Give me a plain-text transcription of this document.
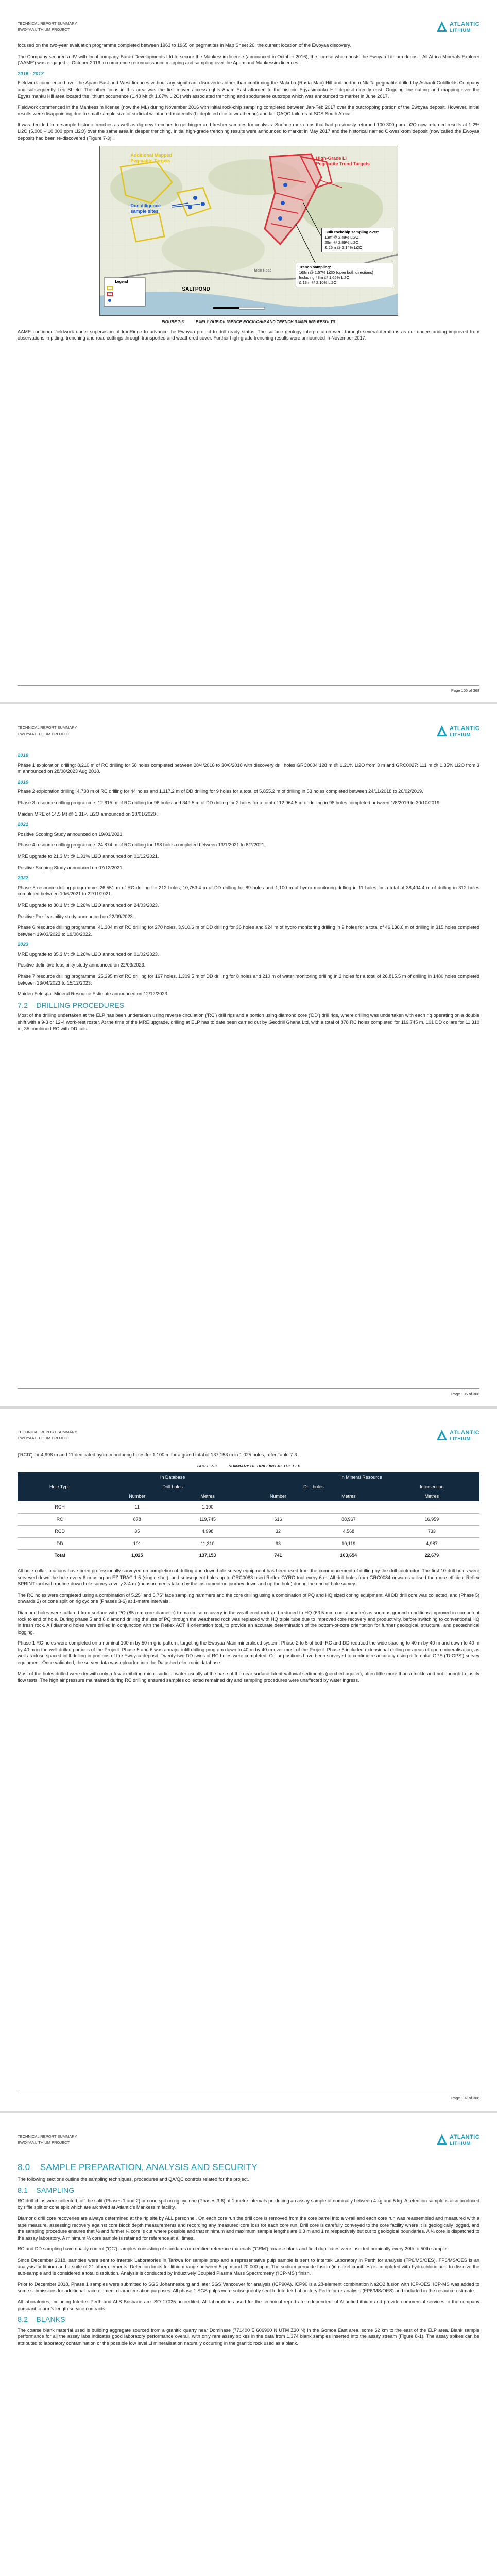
TECHNICAL REPORT SUMMARY
EWOYAA LITHIUM PROJECT
ATLANTIC
LITHIUM

focused on the two-year evaluation programme completed between 1963 to 1965 on pegmatites in Map Sheet 26; the current location of the Ewoyaa discovery.

The Company secured a JV with local company Barari Developments Ltd to secure the Mankessim license (announced in October 2016); the license which hosts the Ewoyaa Lithium deposit. All Africa Minerals Explorer ('AAME') was engaged in October 2016 to commence reconnaissance mapping and sampling over the Apam and Mankessim licences.

2016 - 2017

Fieldwork commenced over the Apam East and West licences without any significant discoveries other than confirming the Makuba (Rasta Man) Hill and northern Nk-Ta pegmatite drilled by Ashanti Goldfields Company and subsequently Leo Shield. The other focus in this area was the first mover access rights Apam East afforded to the historic Egyasimanku Hill deposit directly east. Ongoing line cutting and mapping over the Egyasimanku Hill area located the lithium occurrence (1.48 Mt @ 1.67% Li2O) with associated trenching and spodumene outcrops which was announced to market in June 2017.

Fieldwork commenced in the Mankessim license (now the ML) during November 2016 with initial rock-chip sampling completed between Jan-Feb 2017 over the outcropping portion of the Ewoyaa deposit. However, initial results were disappointing due to small sample size of surficial weathered materials (Li depleted due to weathering) and lab QAQC failures at SGS South Africa.

It was decided to re-sample historic trenches as well as dig new trenches to get bigger and fresher samples for analysis. Surface rock chips that had previously returned 100-300 ppm Li2O now returned results at 1-2% Li2O (5,000 – 10,000 ppm Li2O) over the same area in deeper trenching. Initial high-grade trenching results were announced to market in May 2017 and the historical named Okwesikrom deposit (now called the Ewoyaa deposit) had been re-discovered (Figure 7-3).

Additional Mapped
Pegmatite Targets	High-Grade Li
Pegmatite Trend Targets
Due diligence
sample sites
SALTPOND
Main Road
Legend
Bulk rockchip sampling over:
13m @ 2.49% Li2O,
25m @ 2.89% Li2O,
& 25m @ 2.14% Li2O
Trench sampling:
168m @ 1.57% Li2O (open both directions)
Including 48m @ 1.65% Li2O
& 13m @ 2.10% Li2O
FIGURE 7-3          EARLY DUE-DILIGENCE ROCK-CHIP AND TRENCH SAMPLING RESULTS

AAME continued fieldwork under supervision of IronRidge to advance the Ewoyaa project to drill ready status. The surface geology interpretation went through several iterations as our understanding improved from observations in pitting, trenching and road cuttings through transported and weathered cover. Further high-grade trenching results were announced in November 2017.

Page 105 of 368
TECHNICAL REPORT SUMMARY
EWOYAA LITHIUM PROJECT
ATLANTIC
LITHIUM
2018

Phase 1 exploration drilling: 8,210 m of RC drilling for 58 holes completed between 28/4/2018 to 30/6/2018 with discovery drill holes GRC0004 128 m @ 1.21% Li2O from 3 m and GRC0027: 111 m @ 1.35% Li2O from 3 m announced on 28/08/2023 Aug 2018.

2019

Phase 2 exploration drilling: 4,738 m of RC drilling for 44 holes and 1,117.2 m of DD drilling for 9 holes for a total of 5,855.2 m of drilling in 53 holes completed between 24/11/2018 to 26/02/2019.

Phase 3 resource drilling programme: 12,615 m of RC drilling for 96 holes and 349.5 m of DD drilling for 2 holes for a total of 12,964.5 m of drilling in 98 holes completed between 1/8/2019 to 30/10/2019.

Maiden MRE of 14.5 Mt @ 1.31% Li2O announced on 28/01/2020 .

2021

Positive Scoping Study announced on 19/01/2021.

Phase 4 resource drilling programme: 24,874 m of RC drilling for 198 holes completed between 13/1/2021 to 8/7/2021.

MRE upgrade to 21.3 Mt @ 1.31% Li2O announced on 01/12/2021.

Positive Scoping Study announced on 07/12/2021.

2022

Phase 5 resource drilling programme: 26,551 m of RC drilling for 212 holes, 10,753.4 m of DD drilling for 89 holes and 1,100 m of hydro monitoring drilling in 11 holes for a total of 38,404.4 m of drilling in 312 holes completed between 10/6/2021 to 22/11/2021.

MRE upgrade to 30.1 Mt @ 1.26% Li2O announced on 24/03/2023.

Positive Pre-feasibility study announced on 22/09/2023.

Phase 6 resource drilling programme: 41,304 m of RC drilling for 270 holes, 3,910.6 m of DD drilling for 36 holes and 924 m of hydro monitoring drilling in 9 holes for a total of 46,138.6 m of drilling in 315 holes completed between 19/03/2022 to 19/08/2022.

2023

MRE upgrade to 35.3 Mt @ 1.26% Li2O announced on 01/02/2023.

Positive definitive-feasibility study announced on 22/03/2023.

Phase 7 resource drilling programme: 25,295 m of RC drilling for 167 holes, 1,309.5 m of DD drilling for 8 holes and 210 m of water monitoring drilling in 2 holes for a total of 26,815.5 m of drilling in 1480 holes completed between 13/04/2023 to 15/12/2023.

Maiden Feldspar Mineral Resource Estimate announced on 12/12/2023.

7.2    DRILLING PROCEDURES

Most of the drilling undertaken at the ELP has been undertaken using reverse circulation ('RC') drill rigs and a portion using diamond core ('DD') drill rigs, where drilling was undertaken with each rig operating on a double shift with a 9-3 or 12-4 work-rest roster. At the time of the MRE upgrade, drilling at ELP has to date been carried out by Geodrill Ghana Ltd, with a total of 878 RC holes completed for 119,745 m, 101 DD collars for 11,310 m, 35 combined RC with DD tails

Page 106 of 368
TECHNICAL REPORT SUMMARY
EWOYAA LITHIUM PROJECT
ATLANTIC
LITHIUM

('RCD') for 4,998 m and 11 dedicated hydro monitoring holes for 1,100 m for a grand total of 137,153 m in 1,025 holes, refer Table 7-3.

TABLE 7-3          SUMMARY OF DRILLING AT THE ELP
Hole Type	In Database		In Mineral Resource		
	Drill holes		Drill holes		Intersection
	Number	Metres	Number	Metres	Metres
RCH	11	1,100			
RC	878	119,745	616	88,967	16,959
RCD	35	4,998	32	4,568	733
DD	101	11,310	93	10,119	4,987
Total	1,025	137,153	741	103,654	22,679

All hole collar locations have been professionally surveyed on completion of drilling and down-hole survey equipment has been used from the commencement of drilling by the drill contractor. The first 10 drill holes were surveyed down the hole every 6 m using an EZ TRAC 1.5 (single shot), and subsequent holes up to GRC0083 used Reflex GYRO tool every 6 m. All drill holes from GRC0084 onwards utilised the more efficient Reflex SPRINT tool with routine down hole surveys every 3-4 m (measurements taken by the instrument on journey down and up the hole) during the end-of-hole survey.

The RC holes were completed using a combination of 5.25" and 5.75" face sampling hammers and the core drilling using a combination of PQ and HQ sized coring equipment. All DD drill core was collected, and (Phase 5) onwards 2) or cone split on rig cyclone (Phases 3-6) at 1-metre intervals.

Diamond holes were collared from surface with PQ (85 mm core diameter) to maximise recovery in the weathered rock and reduced to HQ (63.5 mm core diameter) as soon as ground conditions improved in competent rock to end of hole. During phase 5 and 6 diamond drilling the use of PQ through the weathered rock was replaced with HQ triple tube due to improved core recovery and productivity, before switching to conventional HQ in fresh rock. All diamond holes were drilled in conjunction with the Reflex ACT II orientation tool, to provide an accurate determination of the bottom-of-core orientation for further geological, structural, and geotechnical logging.

Phase 1 RC holes were completed on a nominal 100 m by 50 m grid pattern, targeting the Ewoyaa Main mineralised system. Phase 2 to 5 of both RC and DD reduced the wide spacing to 40 m by 40 m and down to 40 m by 40 m in the well drilled portions of the Project. Phase 5 and 6 was a major infill drilling program down to 40 m by 40 m over most of the Project. Phase 6 included extensional drilling on areas of open mineralisation, as well as close spaced infill drilling in portions of the Ewoyaa deposit. Twenty-two DD twins of RC holes were completed. Collar positions have been surveyed to centimetre accuracy using differential GPS ('D-GPS') survey equipment. Once validated, the survey data was uploaded into the Datashed electronic database.

Most of the holes drilled were dry with only a few exhibiting minor surficial water usually at the base of the near surface laterite/alluvial sediments (perched aquifer), often little more than a trickle and not enough to justify flow tests. The high air pressure maintained during RC drilling ensured samples collected remained dry and sampling procedures were unaffected by water ingress.

Page 107 of 368
TECHNICAL REPORT SUMMARY
EWOYAA LITHIUM PROJECT
ATLANTIC
LITHIUM
8.0    SAMPLE PREPARATION, ANALYSIS AND SECURITY

The following sections outline the sampling techniques, procedures and QA/QC controls related for the project.

8.1    SAMPLING

RC drill chips were collected, off the split (Phases 1 and 2) or cone spit on rig cyclone (Phases 3-6) at 1-metre intervals producing an assay sample of nominally between 4 kg and 5 kg. A retention sample is also produced by riffle split or cone split which are archived at Atlantic's Mankessim facility.

Diamond drill core recoveries are always determined at the rig site by ALL personnel. On each core run the drill core is removed from the core barrel into a v-rail and each core run was reassembled and measured with a tape measure, assessing recovery against core block depth measurements and recording any measured core loss for each core run. Drill core is carefully conveyed to the core facility where it is geologically logged, and the sampling procedure ensures that ½ and further ¼ core is cut where possible and that minimum and maximum sample lengths are 0.3 m and 1 m respectively but cut to geological boundaries. A ¼ core is dispatched to the assay laboratory. A minimum ¼ core sample is retained for reference at all times.

RC and DD sampling have quality control ('QC') samples consisting of standards or certified reference materials ('CRM'), coarse blank and field duplicates were inserted nominally every 20th to 50th sample.

Since December 2018, samples were sent to Intertek Laboratories in Tarkwa for sample prep and a representative pulp sample is sent to Intertek Laboratory in Perth for analysis (FP6/MS/OES). FP6/MS/OES is an analysis for lithium and a suite of 21 other elements. Detection limits for lithium range between 5 ppm and 20,000 ppm. The sodium peroxide fusion (in nickel crucibles) is completed with hydrochloric acid to dissolve the sub-sample and is considered a total dissolution. Analysis is conducted by Inductively Coupled Plasma Mass Spectrometry ('ICP-MS') finish.

Prior to December 2018, Phase 1 samples were submitted to SGS Johannesburg and later SGS Vancouver for analysis (ICP90A). ICP90 is a 28-element combination Na2O2 fusion with ICP-OES. ICP-MS was added to some submissions for additional trace element characterisation purposes. All phase 1 SGS pulps were subsequently sent to Intertek Laboratory Perth for re-analysis (FP6/MS/OES) and included in the resource estimate.

All laboratories, including Intertek Perth and ALS Brisbane are ISO 17025 accredited. All laboratories used for the technical report are independent of Atlantic Lithium and provide commercial services to the company pursuant to arm's length service contracts.

8.2    BLANKS

The coarse blank material used is building aggregate sourced from a granitic quarry near Dominase (771400 E 606900 N UTM Z30 N) in the Gomoa East area, some 62 km to the east of the ELP area. Blank sample performance for all the assay labs indicates good laboratory performance overall, with only rare assay spikes in the data from 1,374 blank samples inserted into the assay stream (Figure 8-1). The assay spikes can be attributed to laboratory contamination or the possible low level Li mineralisation naturally occurring in the granitic rock used as a blank.
